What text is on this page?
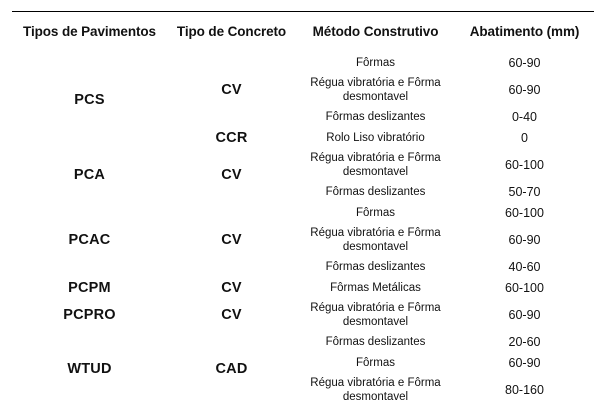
Tipos de Pavimentos	Tipo de Concreto	Método Construtivo	Abatimento (mm)
PCS	CV	Fôrmas	60-90
		Régua vibratória e Fôrma desmontavel	60-90
		Fôrmas deslizantes	0-40
	CCR	Rolo Liso vibratório	0
PCA	CV	Régua vibratória e Fôrma desmontavel	60-100
		Fôrmas deslizantes	50-70
PCAC	CV	Fôrmas	60-100
		Régua vibratória e Fôrma desmontavel	60-90
		Fôrmas deslizantes	40-60
PCPM	CV	Fôrmas Metálicas	60-100
PCPRO	CV	Régua vibratória e Fôrma desmontavel	60-90
WTUD	CAD	Fôrmas deslizantes	20-60
		Fôrmas	60-90
		Régua vibratória e Fôrma desmontavel	80-160
